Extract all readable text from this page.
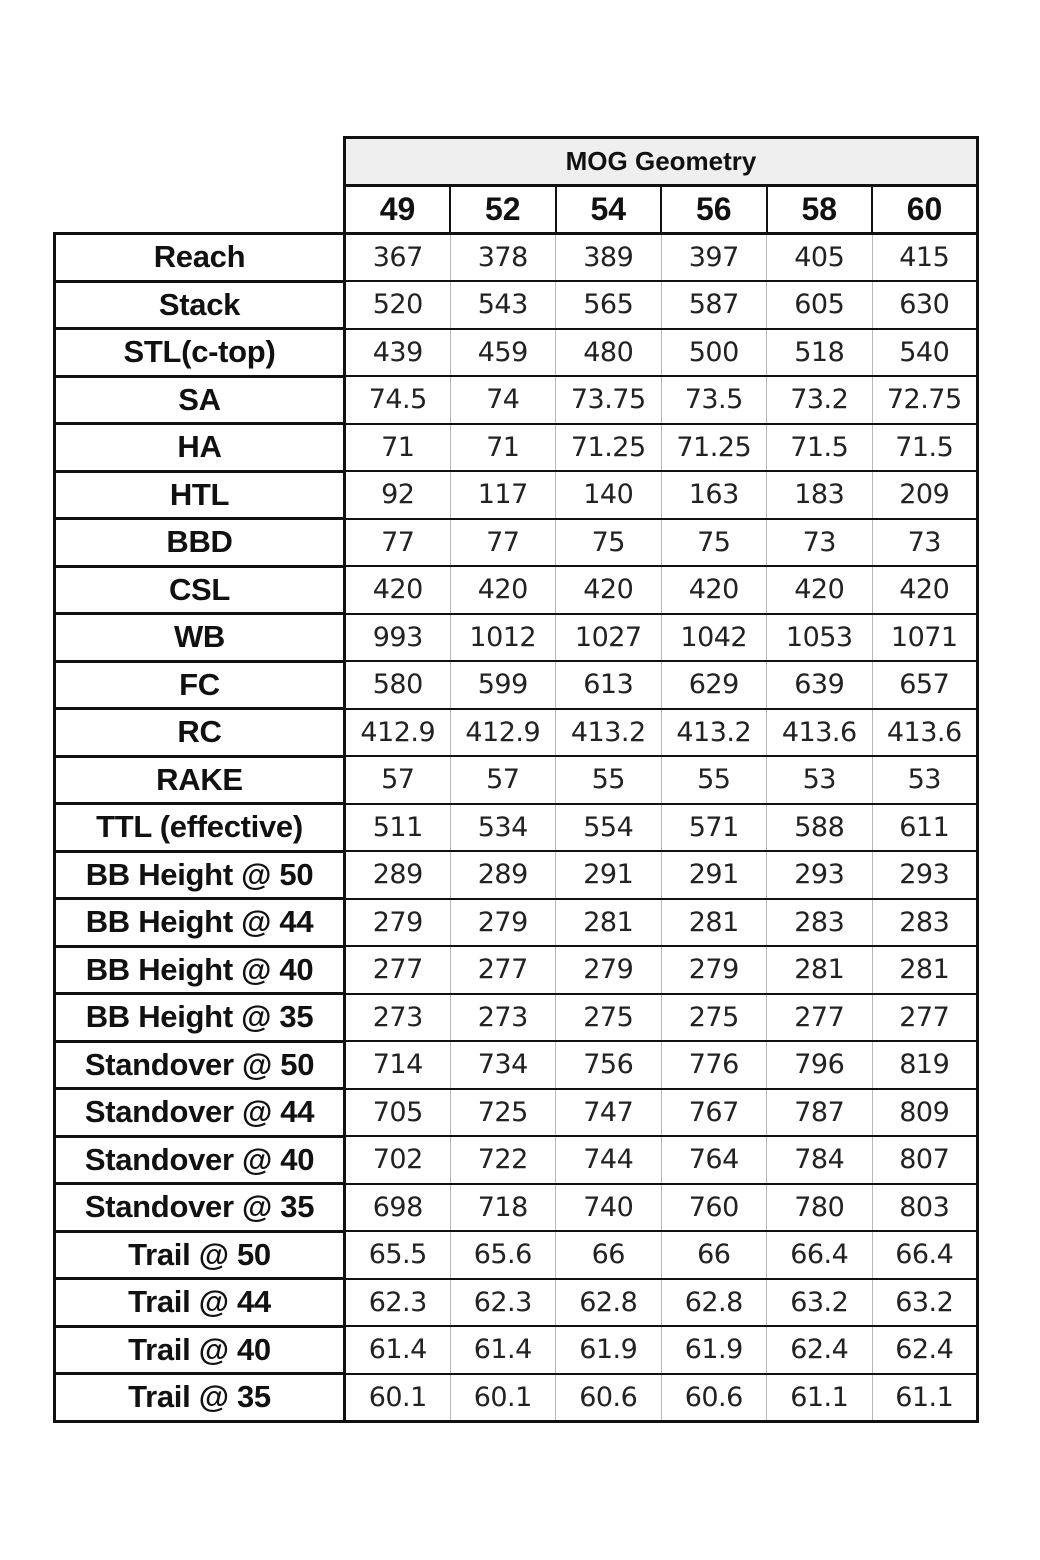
	MOG Geometry					
	49	52	54	56	58	60
Reach	367	378	389	397	405	415
Stack	520	543	565	587	605	630
STL(c-top)	439	459	480	500	518	540
SA	74.5	74	73.75	73.5	73.2	72.75
HA	71	71	71.25	71.25	71.5	71.5
HTL	92	117	140	163	183	209
BBD	77	77	75	75	73	73
CSL	420	420	420	420	420	420
WB	993	1012	1027	1042	1053	1071
FC	580	599	613	629	639	657
RC	412.9	412.9	413.2	413.2	413.6	413.6
RAKE	57	57	55	55	53	53
TTL (effective)	511	534	554	571	588	611
BB Height @ 50	289	289	291	291	293	293
BB Height @ 44	279	279	281	281	283	283
BB Height @ 40	277	277	279	279	281	281
BB Height @ 35	273	273	275	275	277	277
Standover @ 50	714	734	756	776	796	819
Standover @ 44	705	725	747	767	787	809
Standover @ 40	702	722	744	764	784	807
Standover @ 35	698	718	740	760	780	803
Trail @ 50	65.5	65.6	66	66	66.4	66.4
Trail @ 44	62.3	62.3	62.8	62.8	63.2	63.2
Trail @ 40	61.4	61.4	61.9	61.9	62.4	62.4
Trail @ 35	60.1	60.1	60.6	60.6	61.1	61.1
